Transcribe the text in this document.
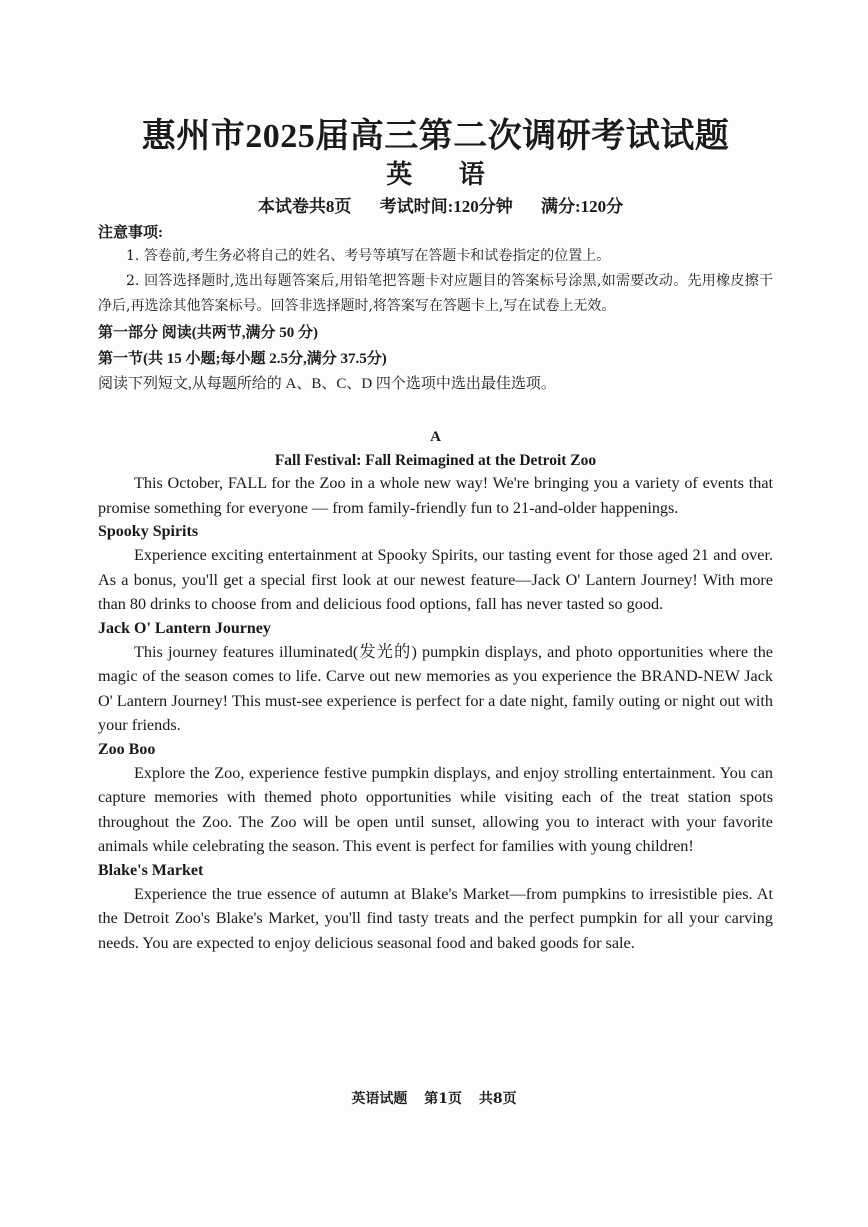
惠州市2025届高三第二次调研考试试题
英 语

本试卷共8页 考试时间:120分钟 满分:120分

注意事项:

1. 答卷前,考生务必将自己的姓名、考号等填写在答题卡和试卷指定的位置上。

2. 回答选择题时,选出每题答案后,用铅笔把答题卡对应题目的答案标号涂黑,如需要改动。先用橡皮擦干净后,再选涂其他答案标号。回答非选择题时,将答案写在答题卡上,写在试卷上无效。

第一部分 阅读(共两节,满分 50 分)

第一节(共 15 小题;每小题 2.5分,满分 37.5分)

阅读下列短文,从每题所给的 A、B、C、D 四个选项中选出最佳选项。

A

Fall Festival: Fall Reimagined at the Detroit Zoo

This October, FALL for the Zoo in a whole new way! We're bringing you a variety of events that promise something for everyone — from family-friendly fun to 21-and-older happenings.

Spooky Spirits

Experience exciting entertainment at Spooky Spirits, our tasting event for those aged 21 and over. As a bonus, you'll get a special first look at our newest feature—Jack O' Lantern Journey! With more than 80 drinks to choose from and delicious food options, fall has never tasted so good.

Jack O' Lantern Journey

This journey features illuminated(发光的) pumpkin displays, and photo opportunities where the magic of the season comes to life. Carve out new memories as you experience the BRAND-NEW Jack O' Lantern Journey! This must-see experience is perfect for a date night, family outing or night out with your friends.

Zoo Boo

Explore the Zoo, experience festive pumpkin displays, and enjoy strolling entertainment. You can capture memories with themed photo opportunities while visiting each of the treat station spots throughout the Zoo. The Zoo will be open until sunset, allowing you to interact with your favorite animals while celebrating the season. This event is perfect for families with young children!

Blake's Market

Experience the true essence of autumn at Blake's Market—from pumpkins to irresistible pies. At the Detroit Zoo's Blake's Market, you'll find tasty treats and the perfect pumpkin for all your carving needs. You are expected to enjoy delicious seasonal food and baked goods for sale.

英语试题 第1页 共8页
